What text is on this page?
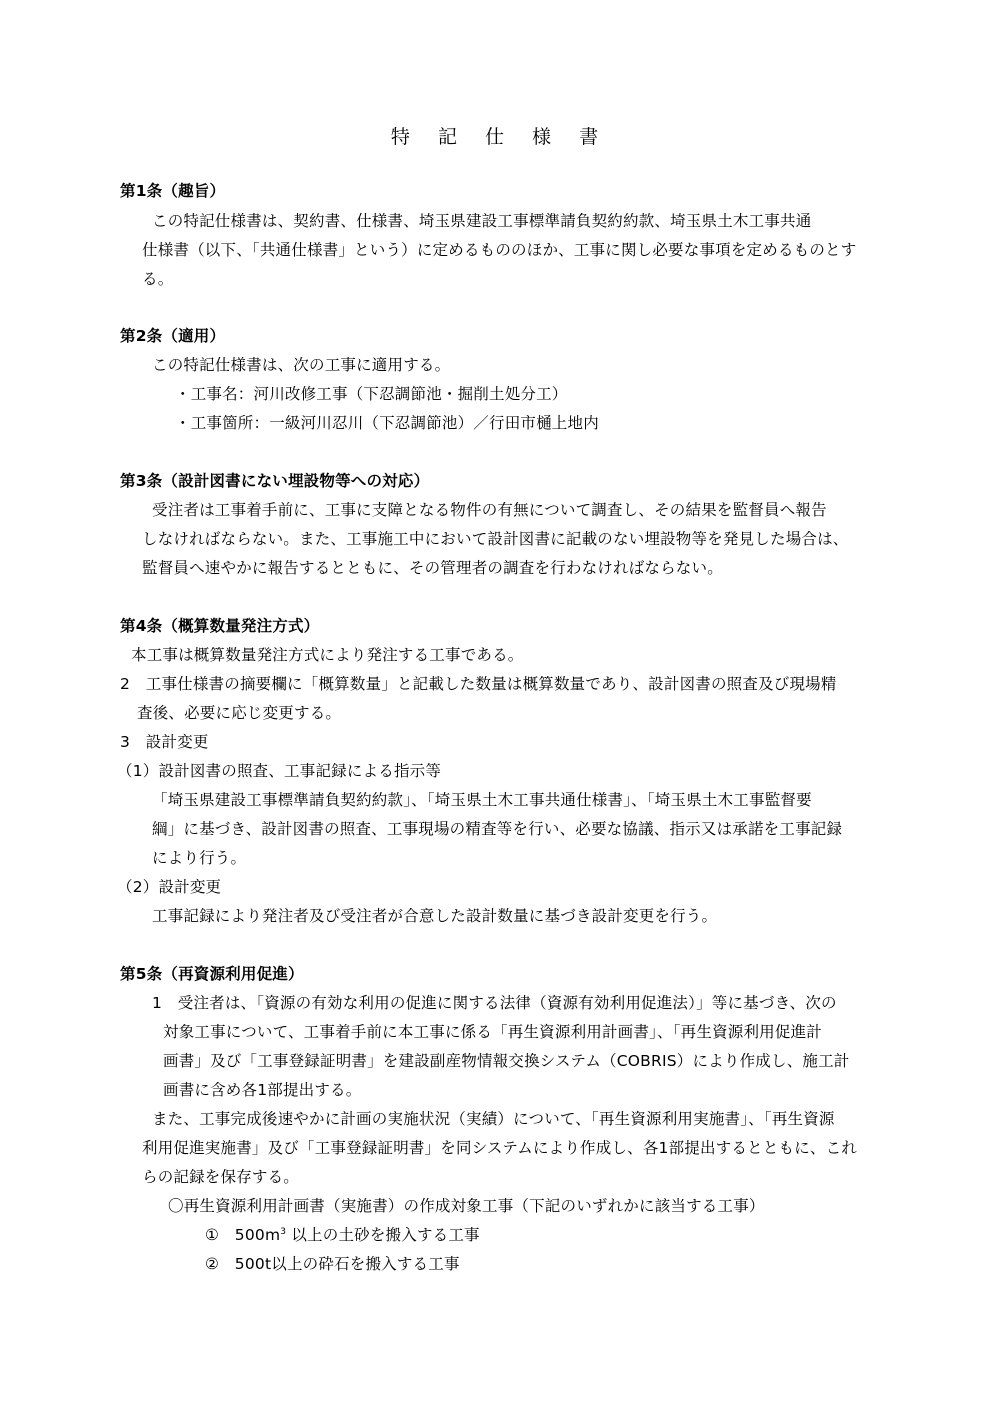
特 記 仕 様 書
第1条（趣旨）
この特記仕様書は、契約書、仕様書、埼玉県建設工事標準請負契約約款、埼玉県土木工事共通
仕様書（以下、「共通仕様書」という）に定めるもののほか、工事に関し必要な事項を定めるものとす
る。
第2条（適用）
この特記仕様書は、次の工事に適用する。
・工事名：河川改修工事（下忍調節池・掘削土処分工）
・工事箇所：一級河川忍川（下忍調節池）／行田市樋上地内
第3条（設計図書にない埋設物等への対応）
受注者は工事着手前に、工事に支障となる物件の有無について調査し、その結果を監督員へ報告
しなければならない。また、工事施工中において設計図書に記載のない埋設物等を発見した場合は、
監督員へ速やかに報告するとともに、その管理者の調査を行わなければならない。
第4条（概算数量発注方式）
本工事は概算数量発注方式により発注する工事である。
2　工事仕様書の摘要欄に「概算数量」と記載した数量は概算数量であり、設計図書の照査及び現場精
査後、必要に応じ変更する。
3　設計変更
（1）設計図書の照査、工事記録による指示等
「埼玉県建設工事標準請負契約約款」、「埼玉県土木工事共通仕様書」、「埼玉県土木工事監督要
綱」に基づき、設計図書の照査、工事現場の精査等を行い、必要な協議、指示又は承諾を工事記録
により行う。
（2）設計変更
工事記録により発注者及び受注者が合意した設計数量に基づき設計変更を行う。
第5条（再資源利用促進）
1　受注者は、「資源の有効な利用の促進に関する法律（資源有効利用促進法）」等に基づき、次の
対象工事について、工事着手前に本工事に係る「再生資源利用計画書」、「再生資源利用促進計
画書」及び「工事登録証明書」を建設副産物情報交換システム（COBRIS）により作成し、施工計
画書に含め各1部提出する。
また、工事完成後速やかに計画の実施状況（実績）について、「再生資源利用実施書」、「再生資源
利用促進実施書」及び「工事登録証明書」を同システムにより作成し、各1部提出するとともに、これ
らの記録を保存する。
〇再生資源利用計画書（実施書）の作成対象工事（下記のいずれかに該当する工事）
①　$500m^3$ 以上の土砂を搬入する工事
②　500t以上の砕石を搬入する工事
